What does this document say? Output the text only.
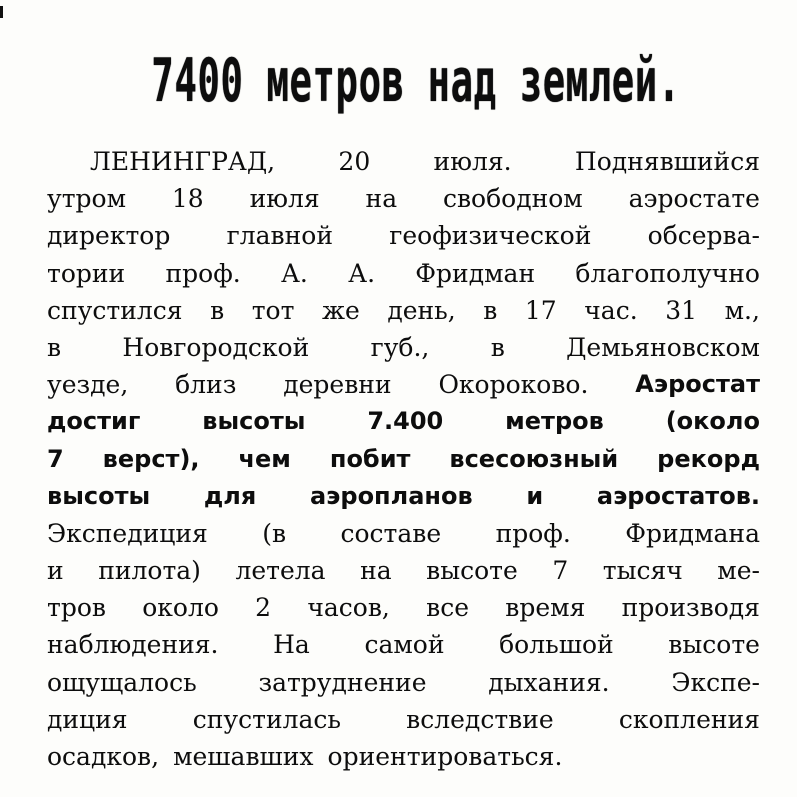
7400 метров над землей.
ЛЕНИНГРАД,	20	июля.	Поднявшийся
утром 18 июля на свободном аэростате
директор главной геофизической обсерва-
тории проф. А. А. Фридман благополучно
спустился в тот же день, в 17 час. 31 м.,
в Новгородской губ., в Демьяновском
уезде, близ деревни Окороково. Аэростат
достиг	высоты	7.400	метров	(около
7 верст), чем побит всесоюзный рекорд
высоты для аэропланов и аэростатов.
Экспедиция (в составе проф. Фридмана
и пилота) летела на высоте 7 тысяч ме-
тров около 2 часов, все время производя
наблюдения. На самой большой высоте
ощущалось затруднение дыхания. Экспе-
диция	спустилась	вследствие	скопления
осадков, мешавших ориентироваться.
